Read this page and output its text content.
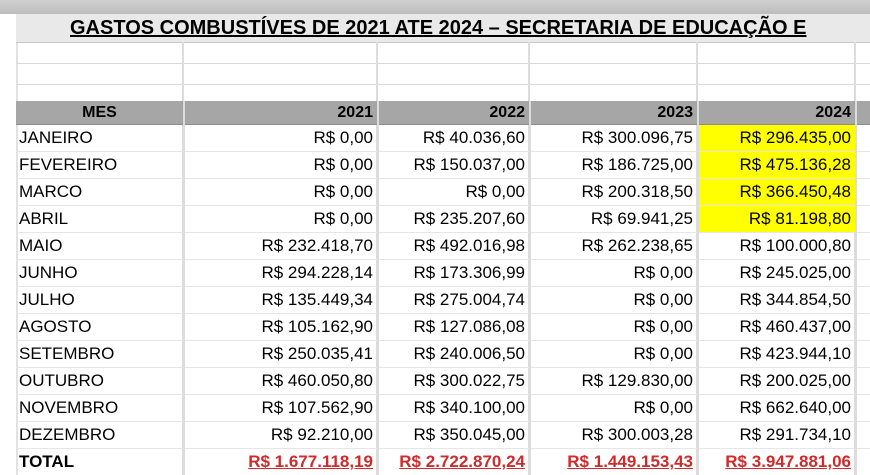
GASTOS COMBUSTÍVES DE 2021 ATE 2024 – SECRETARIA DE EDUCAÇÃO E
MES	2021	2022	2023	2024	
JANEIRO	R$ 0,00	R$ 40.036,60	R$ 300.096,75	R$ 296.435,00	
FEVEREIRO	R$ 0,00	R$ 150.037,00	R$ 186.725,00	R$ 475.136,28	
MARCO	R$ 0,00	R$ 0,00	R$ 200.318,50	R$ 366.450,48	
ABRIL	R$ 0,00	R$ 235.207,60	R$ 69.941,25	R$ 81.198,80	
MAIO	R$ 232.418,70	R$ 492.016,98	R$ 262.238,65	R$ 100.000,80	
JUNHO	R$ 294.228,14	R$ 173.306,99	R$ 0,00	R$ 245.025,00	
JULHO	R$ 135.449,34	R$ 275.004,74	R$ 0,00	R$ 344.854,50	
AGOSTO	R$ 105.162,90	R$ 127.086,08	R$ 0,00	R$ 460.437,00	
SETEMBRO	R$ 250.035,41	R$ 240.006,50	R$ 0,00	R$ 423.944,10	
OUTUBRO	R$ 460.050,80	R$ 300.022,75	R$ 129.830,00	R$ 200.025,00	
NOVEMBRO	R$ 107.562,90	R$ 340.100,00	R$ 0,00	R$ 662.640,00	
DEZEMBRO	R$ 92.210,00	R$ 350.045,00	R$ 300.003,28	R$ 291.734,10	
TOTAL	R$ 1.677.118,19	R$ 2.722.870,24	R$ 1.449.153,43	R$ 3.947.881,06	
